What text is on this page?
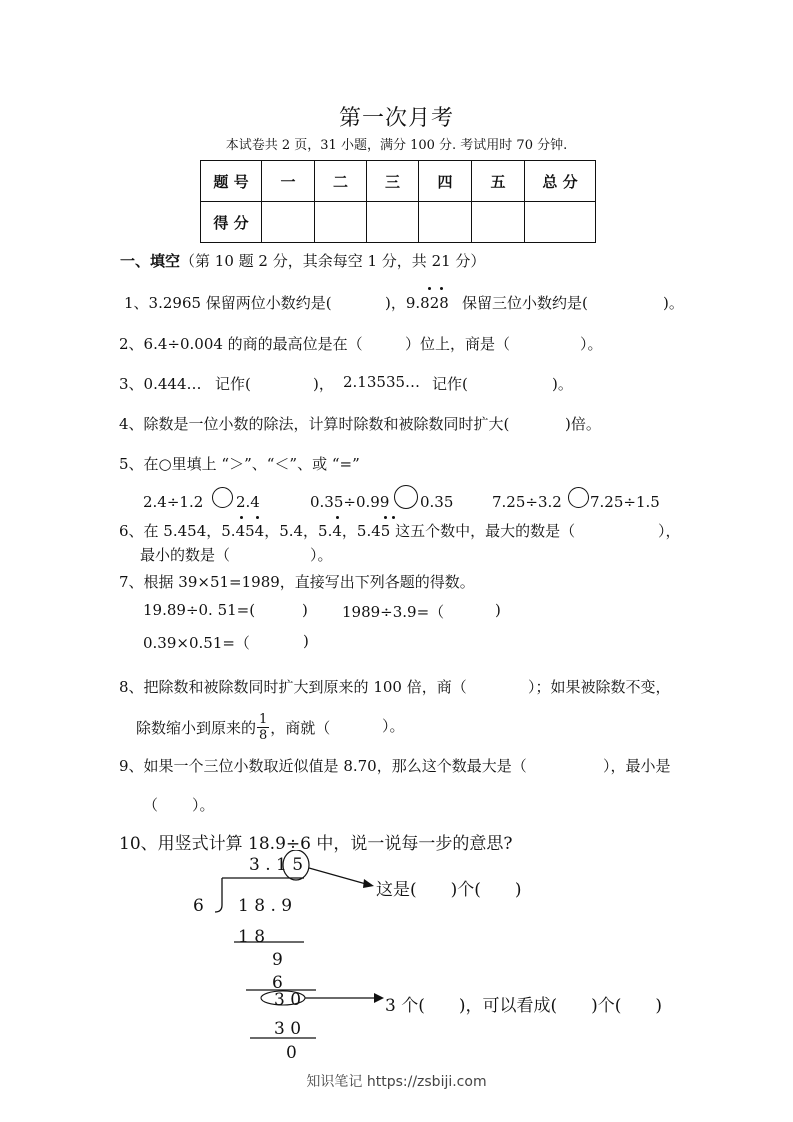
第一次月考
本试卷共 2 页，31 小题，满分 100 分. 考试用时 70 分钟.
题 号	一	二	三	四	五	总 分
得 分						
一、填空（第 10 题 2 分，其余每空 1 分，共 21 分）
1、3.2965 保留两位小数约是(	)，9.828 保留三位小数约是(	)。
2、6.4÷0.004 的商的最高位是在（	）位上，商是（	）。
3、0.444… 记作(	)， 2.13535… 记作(	)。
4、除数是一位小数的除法，计算时除数和被除数同时扩大(	)倍。
5、在○里填上 “＞”、“＜”、或 “=”
2.4÷1.2 2.4	0.35÷0.99 0.35	7.25÷3.2 7.25÷1.5
6、在 5.454，5.454，5.4，5.4，5.45 这五个数中，最大的数是（	），
最小的数是（	）。
7、根据 39×51=1989，直接写出下列各题的得数。
19.89÷0. 51=(	) 1989÷3.9=（	)
0.39×0.51=（	)
8、把除数和被除数同时扩大到原来的 100 倍，商（	）；如果被除数不变，
除数缩小到原来的 $\frac{1}{8}$ ，商就（	）。
9、如果一个三位小数取近似值是 8.70，那么这个数最大是（	），最小是
（ ）。
10、用竖式计算 18.9÷6 中，说一说每一步的意思?
3 . 1 5
6 1 8 . 9
1 8
9
6
3 0
3 0
0
这是(　　)个(　　)
3 个(　　)，可以看成(　　)个(　　)
知识笔记 https://zsbiji.com
